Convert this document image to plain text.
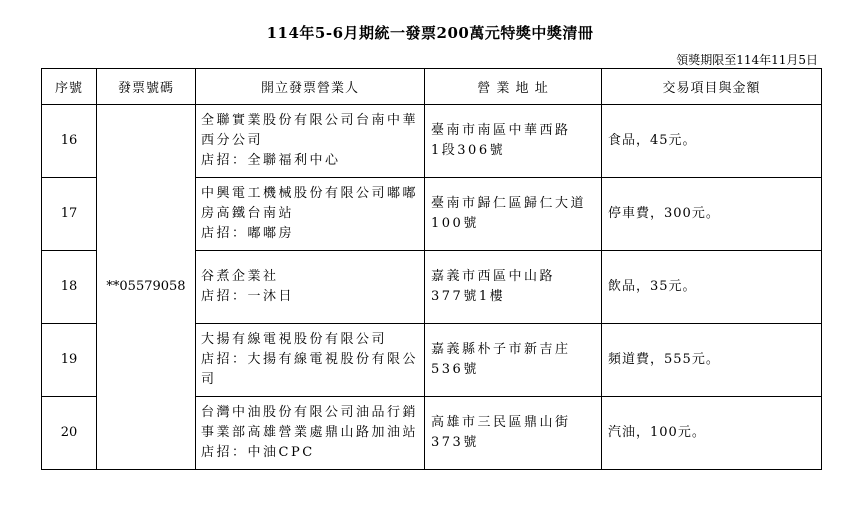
114年5-6月期統一發票200萬元特獎中獎清冊
領獎期限至114年11月5日
序號	發票號碼	開立發票營業人	營 業 地 址	交易項目與金額
16	**05579058	全聯實業股份有限公司台南中華
西分公司
店招：全聯福利中心	臺南市南區中華西路
1段306號	食品，45元。
17		中興電工機械股份有限公司嘟嘟
房高鐵台南站
店招：嘟嘟房	臺南市歸仁區歸仁大道
100號	停車費，300元。
18		谷煮企業社
店招：一沐日	嘉義市西區中山路
377號1樓	飲品，35元。
19		大揚有線電視股份有限公司
店招：大揚有線電視股份有限公
司	嘉義縣朴子市新吉庄
536號	頻道費，555元。
20		台灣中油股份有限公司油品行銷
事業部高雄營業處鼎山路加油站
店招：中油CPC	高雄市三民區鼎山街
373號	汽油，100元。
